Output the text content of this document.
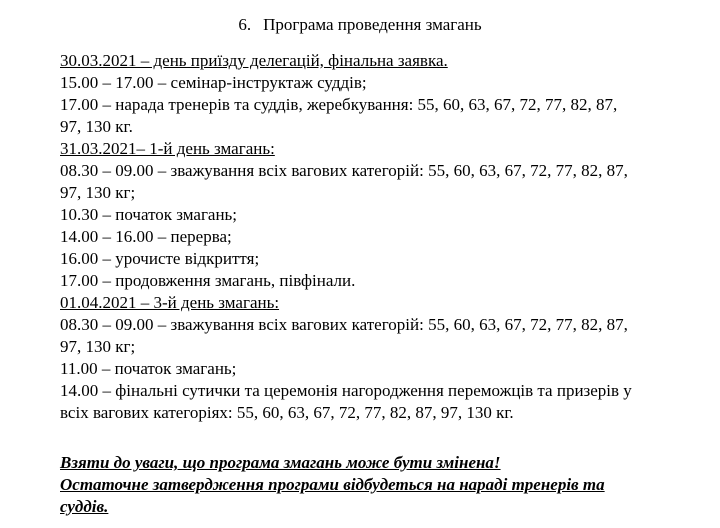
6. Програма проведення змагань
30.03.2021 – день приїзду делегацій, фінальна заявка.
15.00 – 17.00 – семінар-інструктаж суддів;
17.00 – нарада тренерів та суддів, жеребкування: 55, 60, 63, 67, 72, 77, 82, 87,
97, 130 кг.
31.03.2021– 1-й день змагань:
08.30 – 09.00 – зважування всіх вагових категорій: 55, 60, 63, 67, 72, 77, 82, 87,
97, 130 кг;
10.30 – початок змагань;
14.00 – 16.00 – перерва;
16.00 – урочисте відкриття;
17.00 – продовження змагань, півфінали.
01.04.2021 – 3-й день змагань:
08.30 – 09.00 – зважування всіх вагових категорій: 55, 60, 63, 67, 72, 77, 82, 87,
97, 130 кг;
11.00 – початок змагань;
14.00 – фінальні сутички та церемонія нагородження переможців та призерів у
всіх вагових категоріях: 55, 60, 63, 67, 72, 77, 82, 87, 97, 130 кг.
Взяти до уваги, що програма змагань може бути змінена!
Остаточне затвердження програми відбудеться на нараді тренерів та
суддів.
